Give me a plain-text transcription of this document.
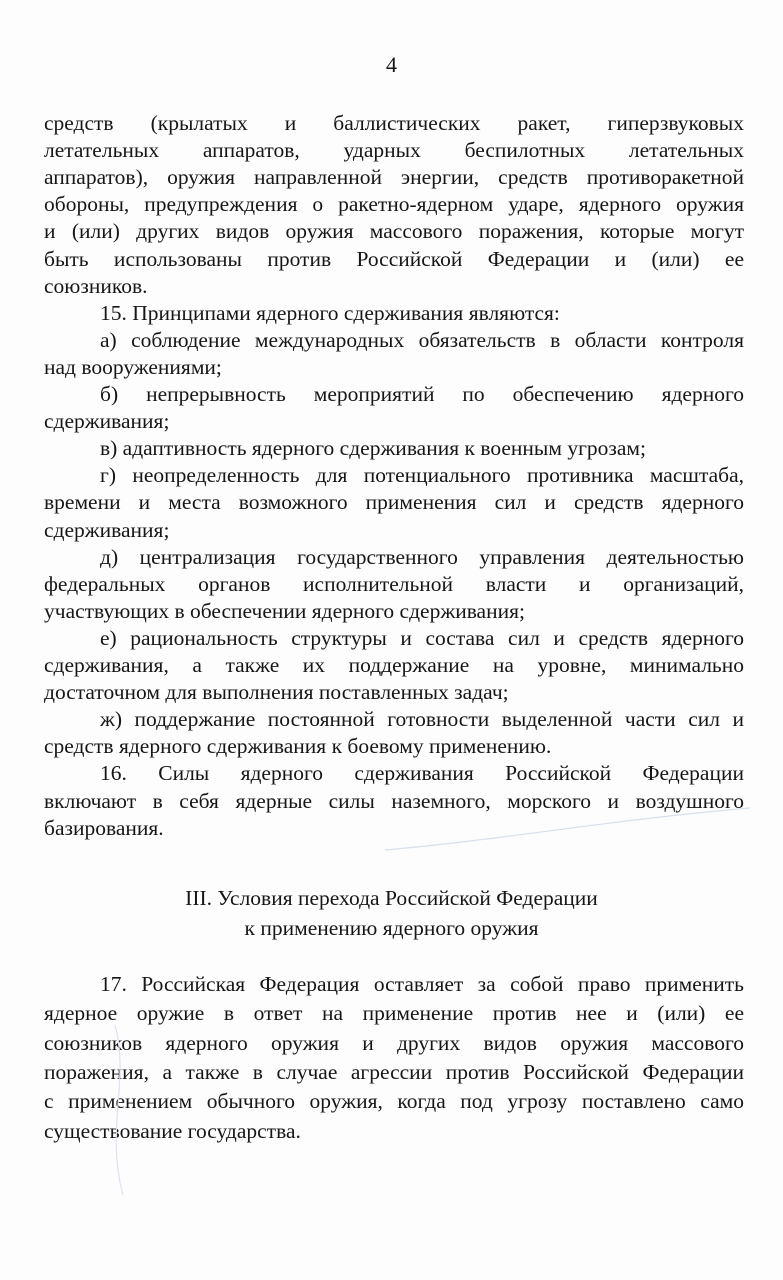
4
средств (крылатых и баллистических ракет, гиперзвуковых
летательных аппаратов, ударных беспилотных летательных
аппаратов), оружия направленной энергии, средств противоракетной
обороны, предупреждения о ракетно-ядерном ударе, ядерного оружия
и (или) других видов оружия массового поражения, которые могут
быть использованы против Российской Федерации и (или) ее
союзников.
15. Принципами ядерного сдерживания являются:
а) соблюдение международных обязательств в области контроля
над вооружениями;
б) непрерывность мероприятий по обеспечению ядерного
сдерживания;
в) адаптивность ядерного сдерживания к военным угрозам;
г) неопределенность для потенциального противника масштаба,
времени и места возможного применения сил и средств ядерного
сдерживания;
д) централизация государственного управления деятельностью
федеральных органов исполнительной власти и организаций,
участвующих в обеспечении ядерного сдерживания;
е) рациональность структуры и состава сил и средств ядерного
сдерживания, а также их поддержание на уровне, минимально
достаточном для выполнения поставленных задач;
ж) поддержание постоянной готовности выделенной части сил и
средств ядерного сдерживания к боевому применению.
16. Силы ядерного сдерживания Российской Федерации
включают в себя ядерные силы наземного, морского и воздушного
базирования.
III. Условия перехода Российской Федерации
к применению ядерного оружия
17. Российская Федерация оставляет за собой право применить
ядерное оружие в ответ на применение против нее и (или) ее
союзников ядерного оружия и других видов оружия массового
поражения, а также в случае агрессии против Российской Федерации
с применением обычного оружия, когда под угрозу поставлено само
существование государства.
